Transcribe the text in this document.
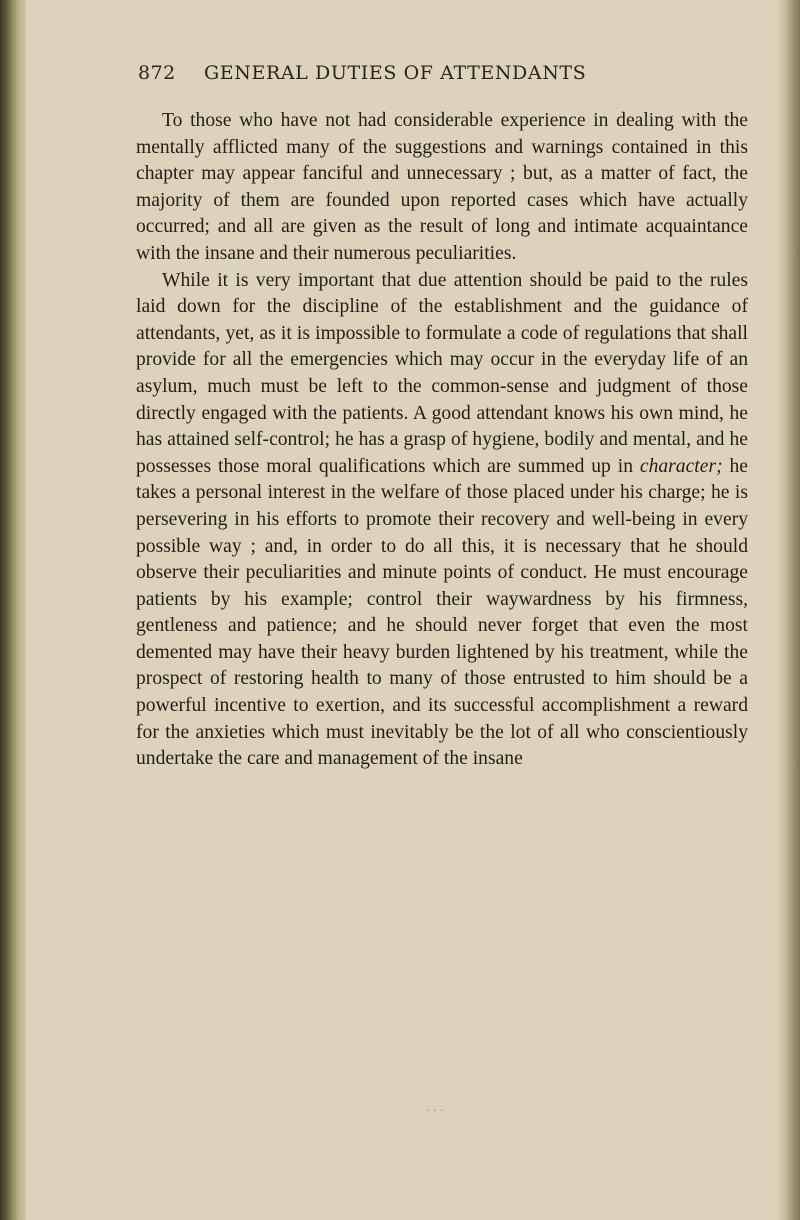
872 GENERAL DUTIES OF ATTENDANTS

To those who have not had considerable experience in dealing with the mentally afflicted many of the suggestions and warnings contained in this chapter may appear fanciful and unnecessary ; but, as a matter of fact, the majority of them are founded upon reported cases which have actually occurred; and all are given as the result of long and intimate acquaintance with the insane and their numerous peculiarities.

While it is very important that due attention should be paid to the rules laid down for the discipline of the establishment and the guidance of attendants, yet, as it is impossible to formulate a code of regulations that shall provide for all the emergencies which may occur in the everyday life of an asylum, much must be left to the common-sense and judgment of those directly engaged with the patients. A good attendant knows his own mind, he has attained self-control; he has a grasp of hygiene, bodily and mental, and he possesses those moral qualifications which are summed up in character; he takes a personal interest in the welfare of those placed under his charge; he is persevering in his efforts to promote their recovery and well-being in every possible way ; and, in order to do all this, it is necessary that he should observe their peculiarities and minute points of conduct. He must encourage patients by his example; control their waywardness by his firmness, gentleness and patience; and he should never forget that even the most demented may have their heavy burden lightened by his treatment, while the prospect of restoring health to many of those entrusted to him should be a powerful incentive to exertion, and its successful accomplishment a reward for the anxieties which must inevitably be the lot of all who conscientiously undertake the care and management of the insane

· · ·
